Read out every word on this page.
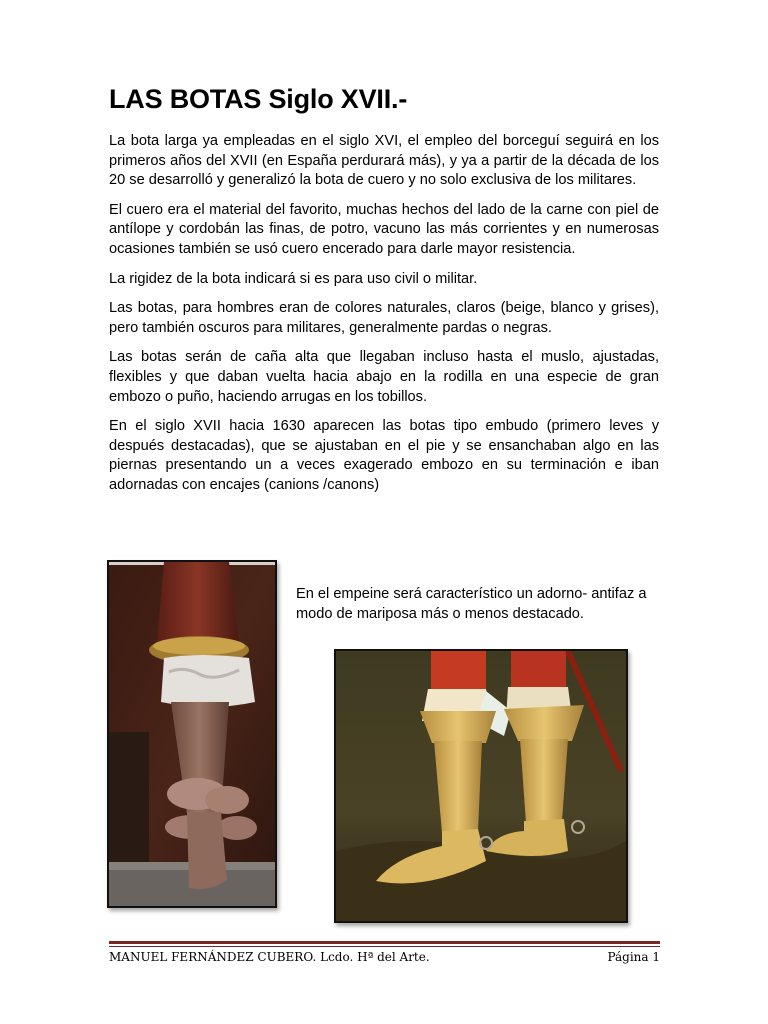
LAS BOTAS Siglo XVII.-

La bota larga ya empleadas en el siglo XVI, el empleo del borceguí seguirá en los primeros años del XVII (en España perdurará más), y ya a partir de la década de los 20 se desarrolló y generalizó la bota de cuero y no solo exclusiva de los militares.

El cuero era el material del favorito, muchas hechos del lado de la carne con piel de antílope y cordobán las finas, de potro, vacuno las más corrientes y en numerosas ocasiones también se usó cuero encerado para darle mayor resistencia.

La rigidez de la bota indicará si es para uso civil o militar.

Las botas, para hombres eran de colores naturales, claros (beige, blanco y grises), pero también oscuros para militares, generalmente pardas o negras.

Las botas serán de caña alta que llegaban incluso hasta el muslo, ajustadas, flexibles y que daban vuelta hacia abajo en la rodilla en una especie de gran embozo o puño, haciendo arrugas en los tobillos.

En el siglo XVII hacia 1630 aparecen las botas tipo embudo (primero leves y después destacadas), que se ajustaban en el pie y se ensanchaban algo en las piernas presentando un a veces exagerado embozo en su terminación e iban adornadas con encajes (canions /canons)

En el empeine será característico un adorno- antifaz a modo de mariposa más o menos destacado.

MANUEL FERNÁNDEZ CUBERO. Lcdo. Hª del Arte.	Página 1
